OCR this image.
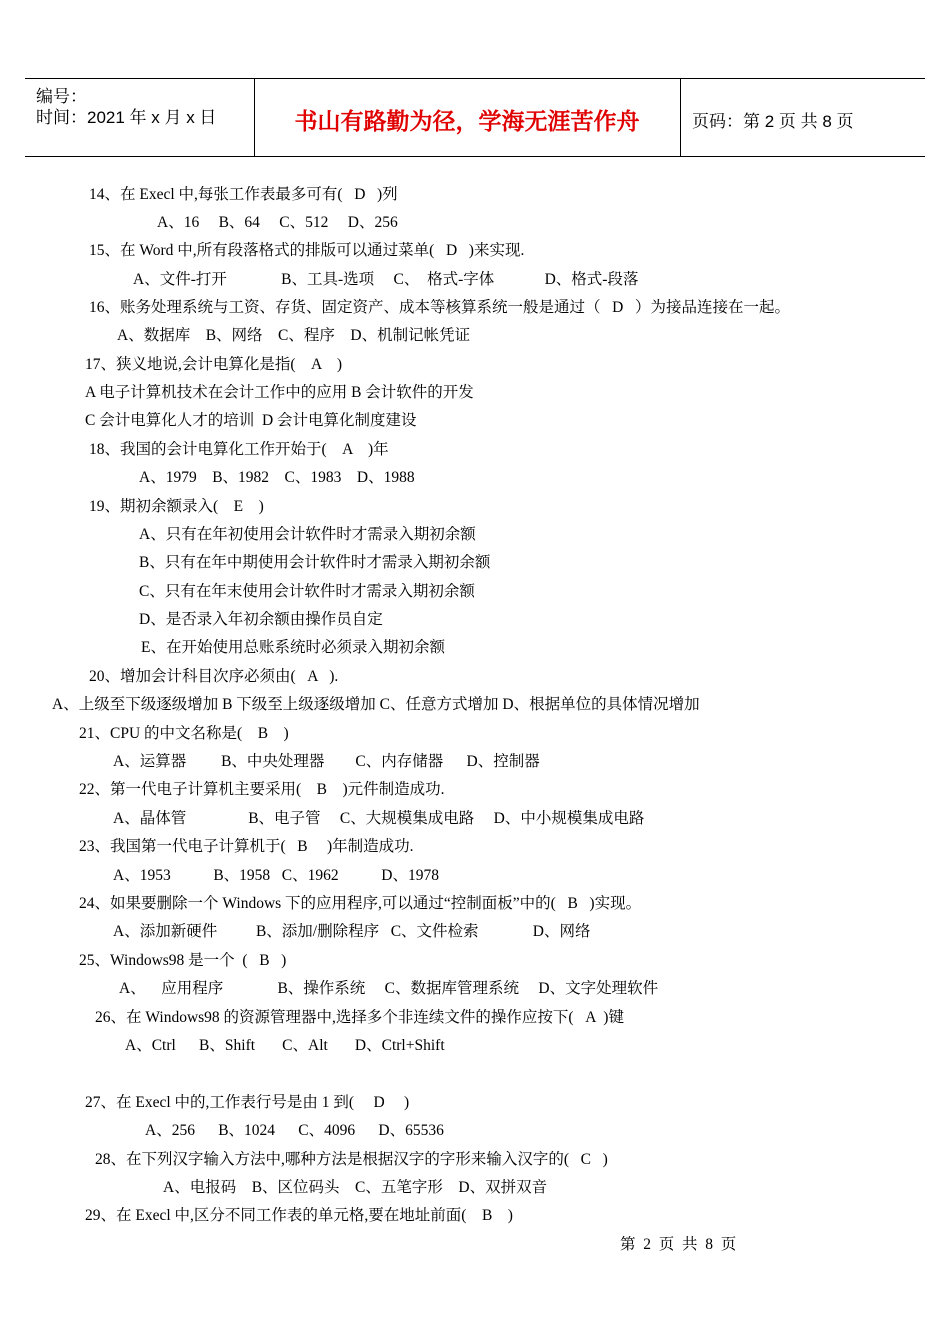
编号：
时间：2021 年 x 月 x 日	书山有路勤为径，学海无涯苦作舟	页码：第 2 页 共 8 页
14、在 Execl 中,每张工作表最多可有(   D   )列
A、16     B、64     C、512     D、256
15、在 Word 中,所有段落格式的排版可以通过菜单(   D   )来实现.
A、文件-打开              B、工具-选项     C、  格式-字体             D、格式-段落
16、账务处理系统与工资、存货、固定资产、成本等核算系统一般是通过（   D   ）为接品连接在一起。
A、数据库    B、网络    C、程序    D、机制记帐凭证
17、狭义地说,会计电算化是指(    A    )
A 电子计算机技术在会计工作中的应用 B 会计软件的开发
C 会计电算化人才的培训  D 会计电算化制度建设
18、我国的会计电算化工作开始于(    A    )年
A、1979    B、1982    C、1983    D、1988
19、期初余额录入(    E    )
A、只有在年初使用会计软件时才需录入期初余额
B、只有在年中期使用会计软件时才需录入期初余额
C、只有在年末使用会计软件时才需录入期初余额
D、是否录入年初余额由操作员自定
E、在开始使用总账系统时必须录入期初余额
20、增加会计科目次序必须由(   A   ).
A、上级至下级逐级增加 B 下级至上级逐级增加 C、任意方式增加 D、根据单位的具体情况增加
21、CPU 的中文名称是(    B    )
A、运算器         B、中央处理器        C、内存储器      D、控制器
22、第一代电子计算机主要采用(    B    )元件制造成功.
A、晶体管                B、电子管     C、大规模集成电路     D、中小规模集成电路
23、我国第一代电子计算机于(   B     )年制造成功.
A、1953           B、1958   C、1962           D、1978
24、如果要删除一个 Windows 下的应用程序,可以通过“控制面板”中的(   B   )实现。
A、添加新硬件          B、添加/删除程序   C、文件检索              D、网络
25、Windows98 是一个  (   B   )
A、    应用程序              B、操作系统     C、数据库管理系统     D、文字处理软件
26、在 Windows98 的资源管理器中,选择多个非连续文件的操作应按下(   A  )键
A、Ctrl      B、Shift       C、Alt       D、Ctrl+Shift
27、在 Execl 中的,工作表行号是由 1 到(     D     )
A、256      B、1024      C、4096      D、65536
28、在下列汉字输入方法中,哪种方法是根据汉字的字形来输入汉字的(   C   )
A、电报码    B、区位码头    C、五笔字形    D、双拼双音
29、在 Execl 中,区分不同工作表的单元格,要在地址前面(    B    )
第  2  页  共  8  页
